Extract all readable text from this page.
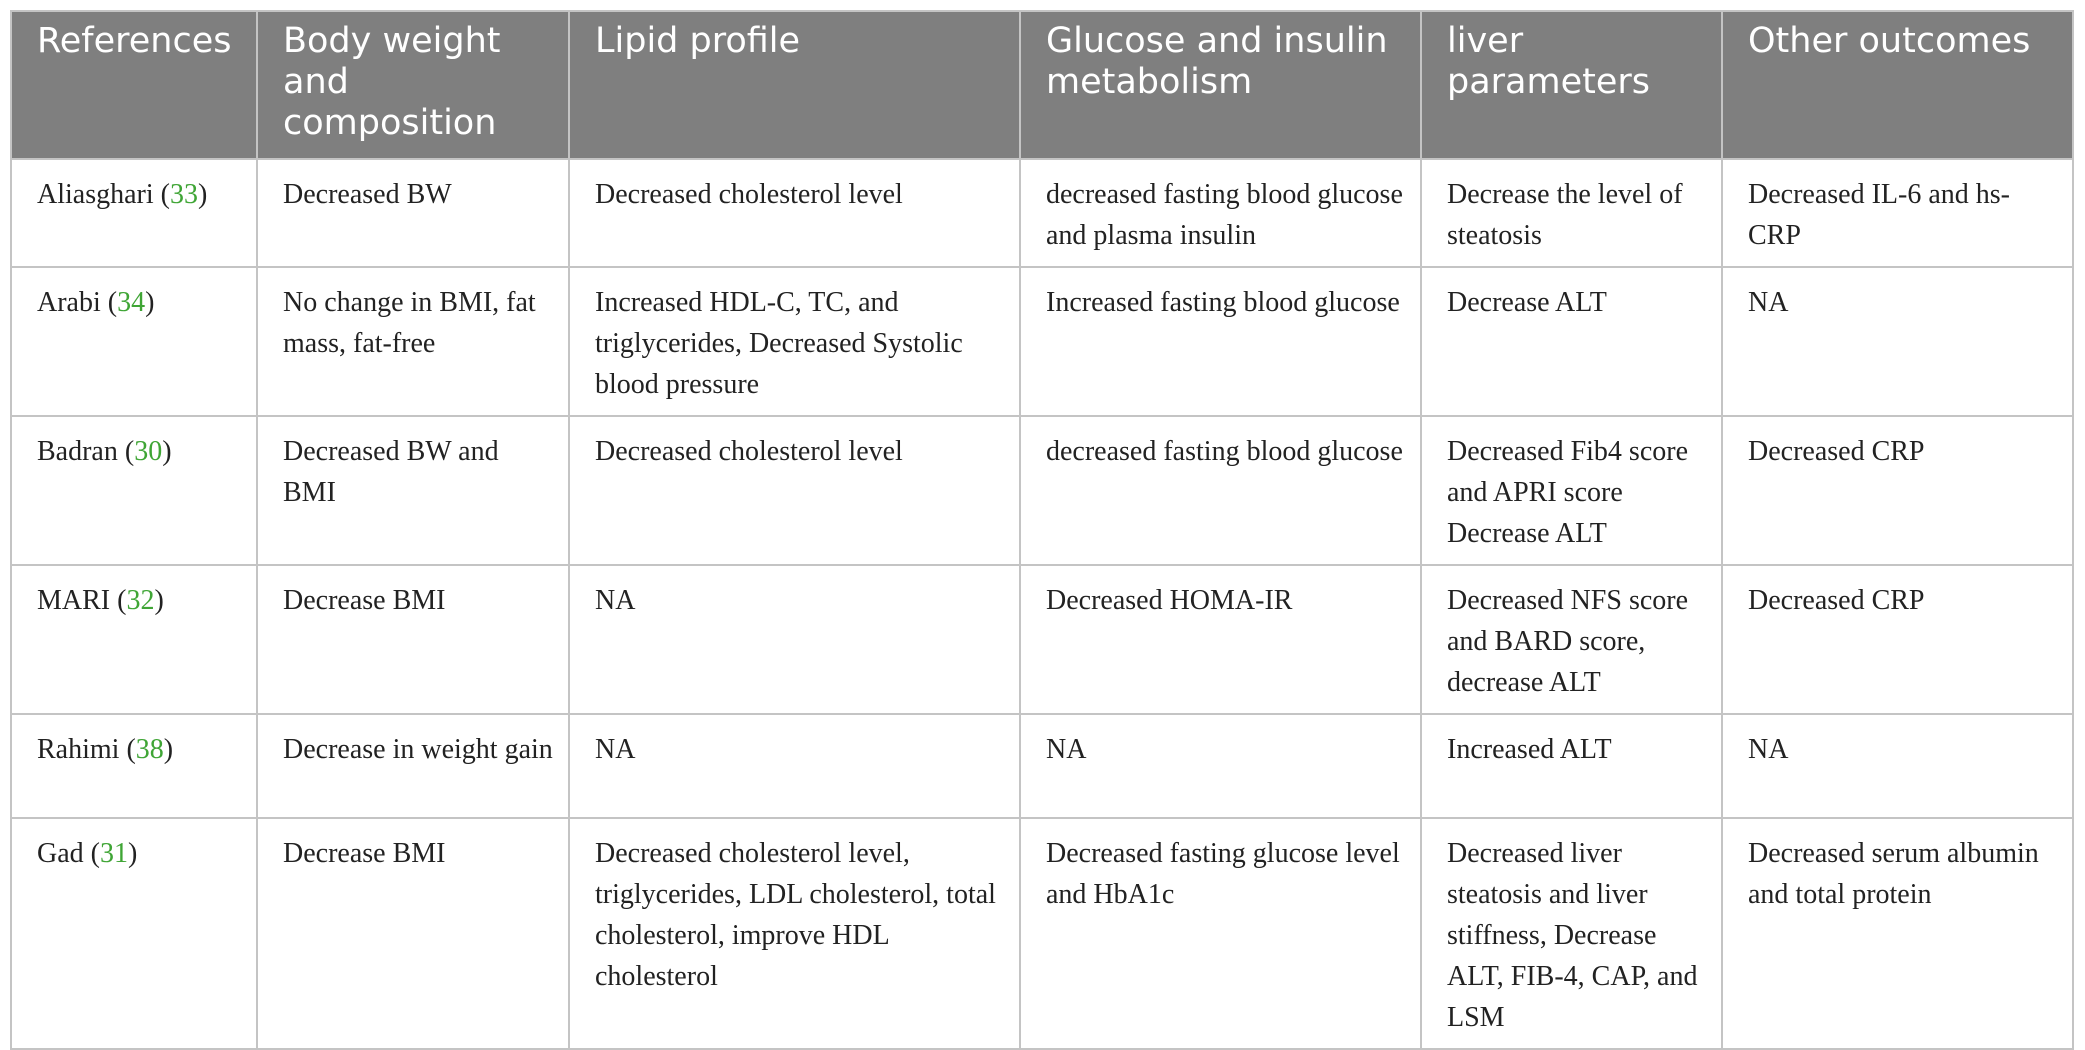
References	Body weight and composition	Lipid profile	Glucose and insulin metabolism	liver parameters	Other outcomes
Aliasghari (33)	Decreased BW	Decreased cholesterol level	decreased fasting blood glucose and plasma insulin	Decrease the level of steatosis	Decreased IL-6 and hs-CRP
Arabi (34)	No change in BMI, fat mass, fat-free	Increased HDL-C, TC, and triglycerides, Decreased Systolic blood pressure	Increased fasting blood glucose	Decrease ALT	NA
Badran (30)	Decreased BW and BMI	Decreased cholesterol level	decreased fasting blood glucose	Decreased Fib4 score and APRI score Decrease ALT	Decreased CRP
MARI (32)	Decrease BMI	NA	Decreased HOMA-IR	Decreased NFS score and BARD score, decrease ALT	Decreased CRP
Rahimi (38)	Decrease in weight gain	NA	NA	Increased ALT	NA
Gad (31)	Decrease BMI	Decreased cholesterol level, triglycerides, LDL cholesterol, total cholesterol, improve HDL cholesterol	Decreased fasting glucose level and HbA1c	Decreased liver steatosis and liver stiffness, Decrease ALT, FIB-4, CAP, and LSM	Decreased serum albumin and total protein
